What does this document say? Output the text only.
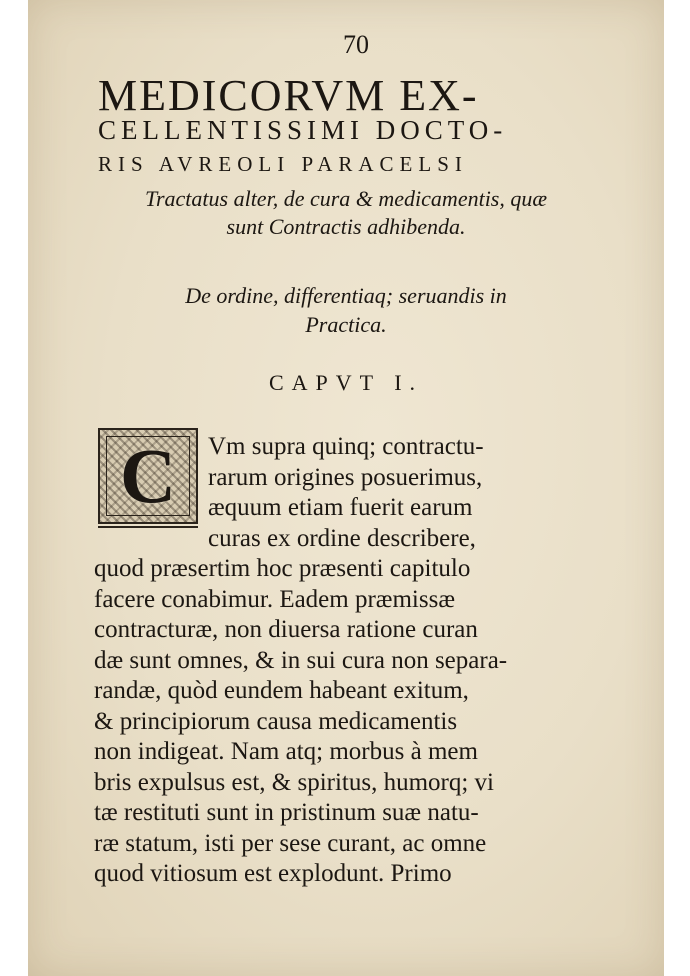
70
MEDICORVM EX-
CELLENTISSIMI DOCTO-
RIS AVREOLI PARACELSI
Tractatus alter, de cura & medicamentis, quæ
sunt Contractis adhibenda.
De ordine, differentiaq; seruandis in
Practica.
CAPVT I.
C	Vm supra quinq; contractu-
rarum origines posuerimus,
æquum etiam fuerit earum
curas ex ordine describere,
quod præsertim hoc præsenti capitulo
facere conabimur. Eadem præmissæ
contracturæ, non diuersa ratione curan
dæ sunt omnes, & in sui cura non separa-
randæ, quòd eundem habeant exitum,
& principiorum causa medicamentis
non indigeat. Nam atq; morbus à mem
bris expulsus est, & spiritus, humorq; vi
tæ restituti sunt in pristinum suæ natu-
ræ statum, isti per sese curant, ac omne
quod vitiosum est explodunt. Primo
